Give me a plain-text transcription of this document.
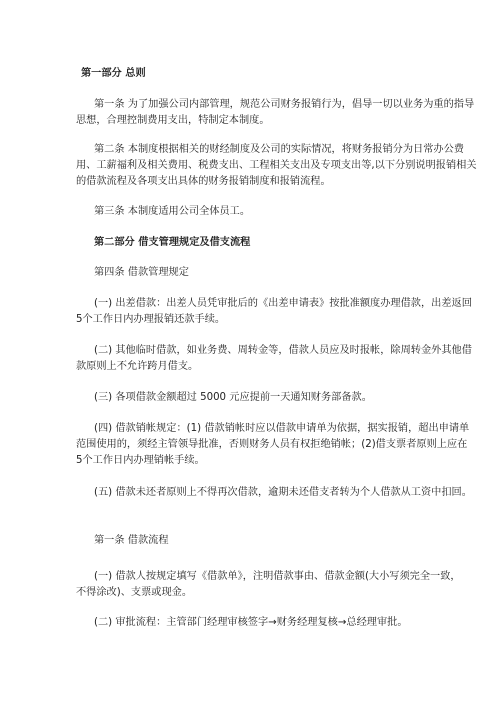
第一部分 总则
第一条 为了加强公司内部管理，规范公司财务报销行为，倡导一切以业务为重的指导
思想，合理控制费用支出，特制定本制度。
第二条 本制度根据相关的财经制度及公司的实际情况，将财务报销分为日常办公费
用、工薪福利及相关费用、税费支出、工程相关支出及专项支出等,以下分别说明报销相关
的借款流程及各项支出具体的财务报销制度和报销流程。
第三条 本制度适用公司全体员工。
第二部分 借支管理规定及借支流程
第四条 借款管理规定
(一) 出差借款：出差人员凭审批后的《出差申请表》按批准额度办理借款，出差返回
5个工作日内办理报销还款手续。
(二) 其他临时借款，如业务费、周转金等，借款人员应及时报帐，除周转金外其他借
款原则上不允许跨月借支。
(三) 各项借款金额超过 5000 元应提前一天通知财务部备款。
(四) 借款销帐规定：(1) 借款销帐时应以借款申请单为依据，据实报销，超出申请单
范围使用的，须经主管领导批准，否则财务人员有权拒绝销帐；(2)借支票者原则上应在
5个工作日内办理销帐手续。
(五) 借款未还者原则上不得再次借款，逾期未还借支者转为个人借款从工资中扣回。
第一条 借款流程
(一) 借款人按规定填写《借款单》，注明借款事由、借款金额(大小写须完全一致，
不得涂改)、支票或现金。
(二) 审批流程：主管部门经理审核签字→财务经理复核→总经理审批。
